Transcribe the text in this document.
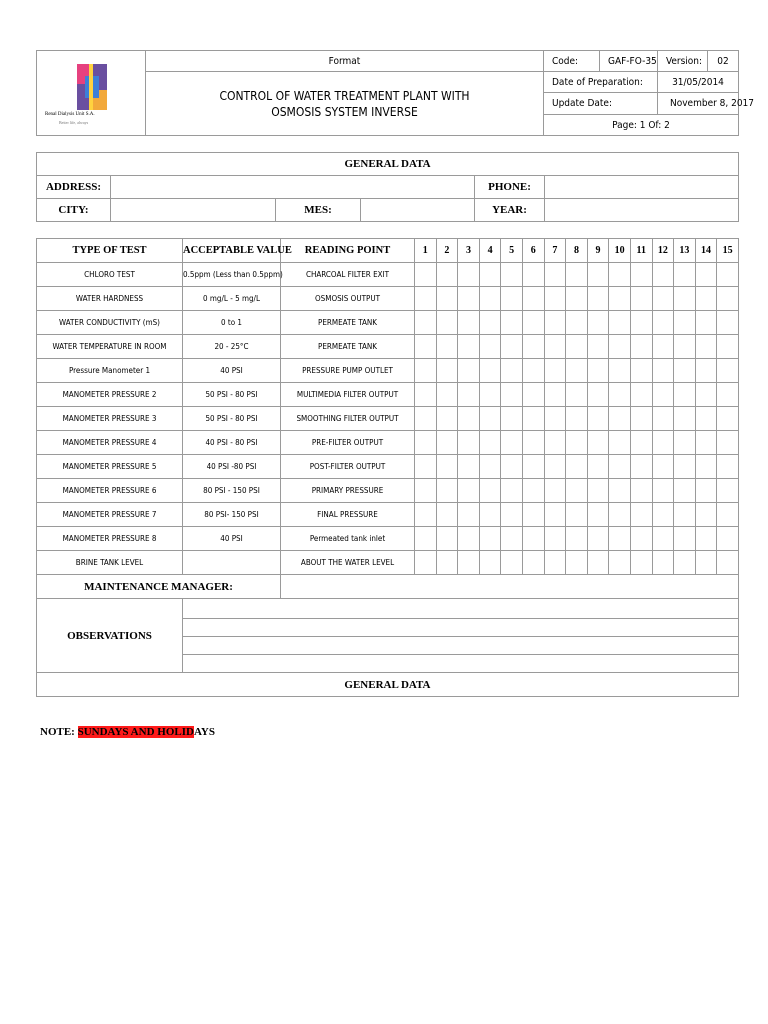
Renal Dialysis Unit S.A.
Better life, always	Format	Code:	GAF-FO-35	Version:	02
	CONTROL OF WATER TREATMENT PLANT WITH OSMOSIS SYSTEM INVERSE	Date of Preparation:		31/05/2014	
		Update Date:		November 8, 2017	
		Page: 1 Of: 2			
GENERAL DATA					
ADDRESS:				PHONE:	
CITY:		MES:		YEAR:	
TYPE OF TEST	ACCEPTABLE VALUE	READING POINT	1	2	3	4	5	6	7	8	9	10	11	12	13	14	15
CHLORO TEST	0.5ppm (Less than 0.5ppm)	CHARCOAL FILTER EXIT															
WATER HARDNESS	0 mg/L - 5 mg/L	OSMOSIS OUTPUT															
WATER CONDUCTIVITY (mS)	0 to 1	PERMEATE TANK															
WATER TEMPERATURE IN ROOM	20 - 25°C	PERMEATE TANK															
Pressure Manometer 1	40 PSI	PRESSURE PUMP OUTLET															
MANOMETER PRESSURE 2	50 PSI - 80 PSI	MULTIMEDIA FILTER OUTPUT															
MANOMETER PRESSURE 3	50 PSI - 80 PSI	SMOOTHING FILTER OUTPUT															
MANOMETER PRESSURE 4	40 PSI - 80 PSI	PRE-FILTER OUTPUT															
MANOMETER PRESSURE 5	40 PSI -80 PSI	POST-FILTER OUTPUT															
MANOMETER PRESSURE 6	80 PSI - 150 PSI	PRIMARY PRESSURE															
MANOMETER PRESSURE 7	80 PSI- 150 PSI	FINAL PRESSURE															
MANOMETER PRESSURE 8	40 PSI	Permeated tank inlet															
BRINE TANK LEVEL		ABOUT THE WATER LEVEL															
MAINTENANCE MANAGER:																	
OBSERVATIONS																	

GENERAL DATA																	
NOTE: SUNDAYS AND HOLIDAYS
